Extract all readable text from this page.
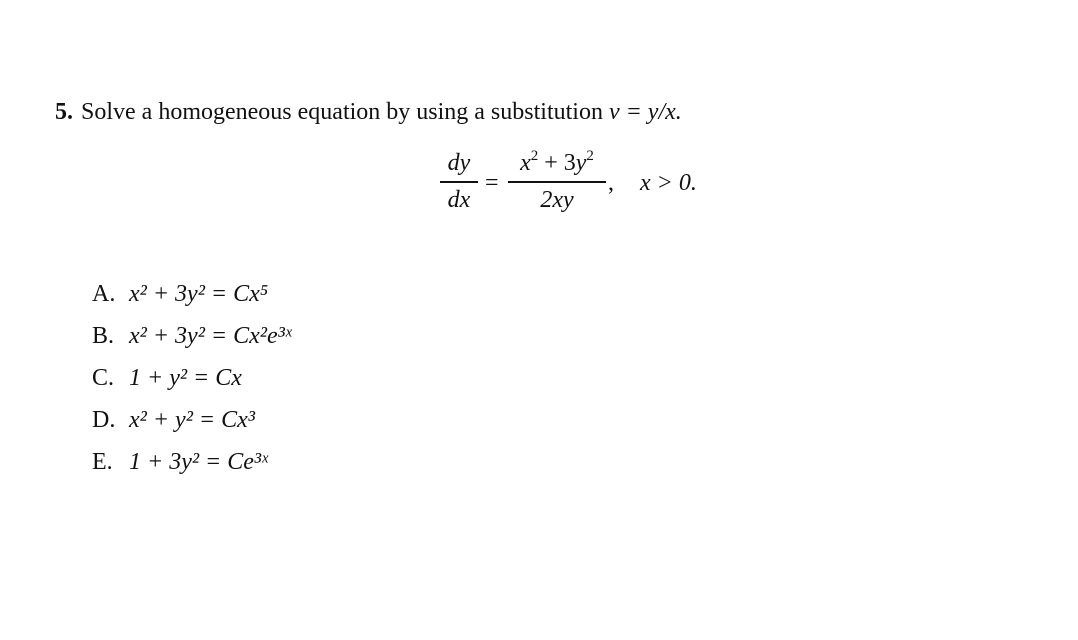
5. Solve a homogeneous equation by using a substitution v = y/x.
dy
dx
=
$x^2 + 3y^2$
2xy
, x > 0.
A. x² + 3y² = Cx⁵
B. x² + 3y² = Cx²e³ˣ
C. 1 + y² = Cx
D. x² + y² = Cx³
E. 1 + 3y² = Ce³ˣ
